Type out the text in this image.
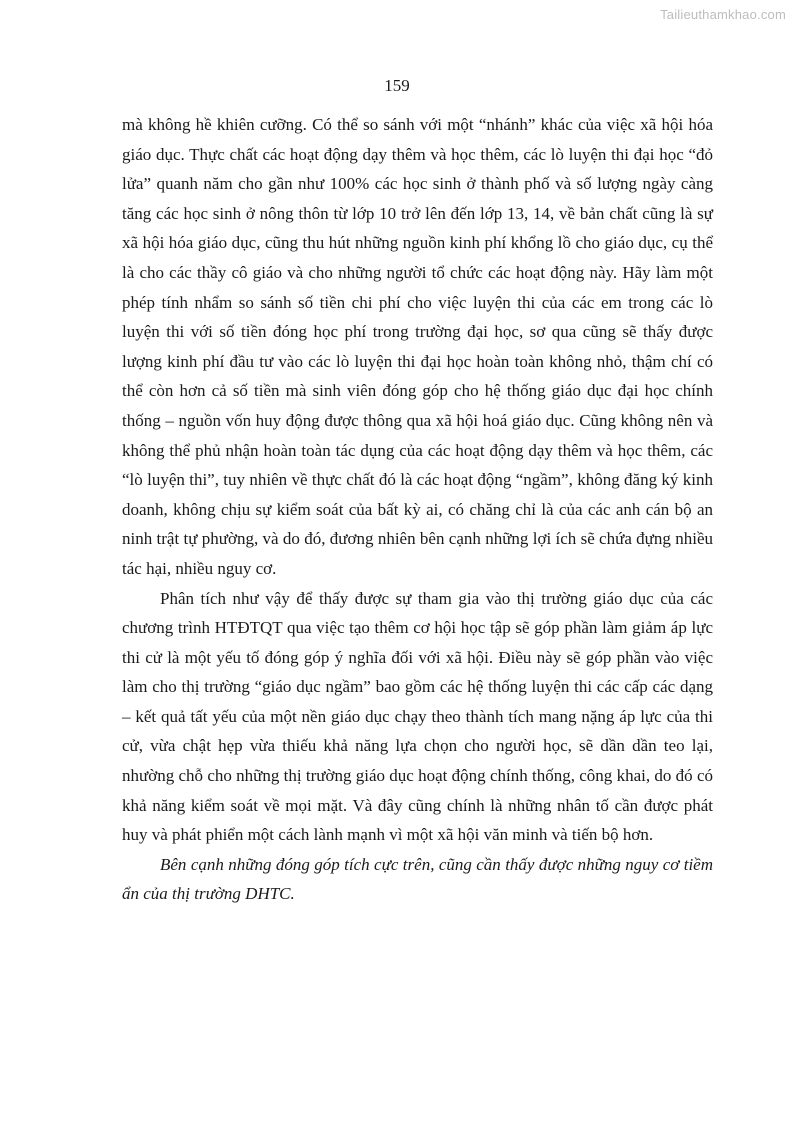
Tailieuthamkhao.com
159

mà không hề khiên cưỡng. Có thể so sánh với một “nhánh” khác của việc xã hội hóa giáo dục. Thực chất các hoạt động dạy thêm và học thêm, các lò luyện thi đại học “đỏ lửa” quanh năm cho gần như 100% các học sinh ở thành phố và số lượng ngày càng tăng các học sinh ở nông thôn từ lớp 10 trở lên đến lớp 13, 14, về bản chất cũng là sự xã hội hóa giáo dục, cũng thu hút những nguồn kinh phí khổng lồ cho giáo dục, cụ thể là cho các thầy cô giáo và cho những người tổ chức các hoạt động này. Hãy làm một phép tính nhẩm so sánh số tiền chi phí cho việc luyện thi của các em trong các lò luyện thi với số tiền đóng học phí trong trường đại học, sơ qua cũng sẽ thấy được lượng kinh phí đầu tư vào các lò luyện thi đại học hoàn toàn không nhỏ, thậm chí có thể còn hơn cả số tiền mà sinh viên đóng góp cho hệ thống giáo dục đại học chính thống – nguồn vốn huy động được thông qua xã hội hoá giáo dục. Cũng không nên và không thể phủ nhận hoàn toàn tác dụng của các hoạt động dạy thêm và học thêm, các “lò luyện thi”, tuy nhiên về thực chất đó là các hoạt động “ngầm”, không đăng ký kinh doanh, không chịu sự kiểm soát của bất kỳ ai, có chăng chỉ là của các anh cán bộ an ninh trật tự phường, và do đó, đương nhiên bên cạnh những lợi ích sẽ chứa đựng nhiều tác hại, nhiều nguy cơ.

Phân tích như vậy để thấy được sự tham gia vào thị trường giáo dục của các chương trình HTĐTQT qua việc tạo thêm cơ hội học tập sẽ góp phần làm giảm áp lực thi cử là một yếu tố đóng góp ý nghĩa đối với xã hội. Điều này sẽ góp phần vào việc làm cho thị trường “giáo dục ngầm” bao gồm các hệ thống luyện thi các cấp các dạng – kết quả tất yếu của một nền giáo dục chạy theo thành tích mang nặng áp lực của thi cử, vừa chật hẹp vừa thiếu khả năng lựa chọn cho người học, sẽ dần dần teo lại, nhường chỗ cho những thị trường giáo dục hoạt động chính thống, công khai, do đó có khả năng kiểm soát về mọi mặt. Và đây cũng chính là những nhân tố cần được phát huy và phát phiển một cách lành mạnh vì một xã hội văn minh và tiến bộ hơn.

Bên cạnh những đóng góp tích cực trên, cũng cần thấy được những nguy cơ tiềm ẩn của thị trường DHTC.
